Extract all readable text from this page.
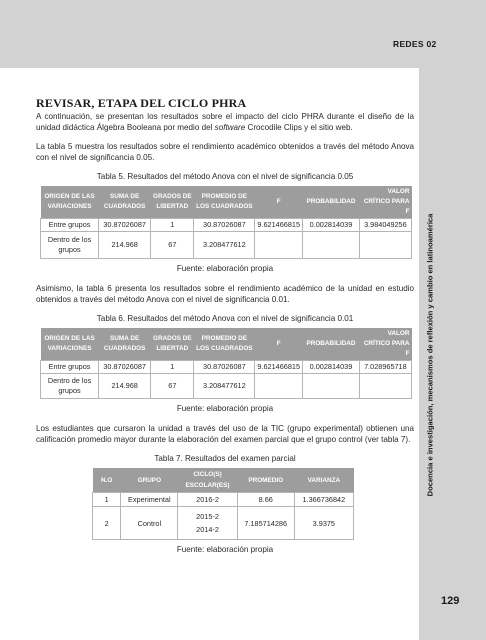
REDES 02
Docencia e investigación, mecanismos de reflexión y cambio en latinoamérica
REVISAR, ETAPA DEL CICLO PHRA

A continuación, se presentan los resultados sobre el impacto del ciclo PHRA durante el diseño de la unidad didáctica Álgebra Booleana por medio del software Crocodile Clips y el sitio web.

La tabla 5 muestra los resultados sobre el rendimiento académico obtenidos a través del método Anova con el nivel de significancia 0.05.

Tabla 5. Resultados del método Anova con el nivel de significancia 0.05
ORIGEN DE LAS VARIACIONES	SUMA DE CUADRADOS	GRADOS DE LIBERTAD	PROMEDIO DE LOS CUADRADOS	F	PROBABILIDAD	VALOR CRÍTICO PARA F
Entre grupos	30.87026087	1	30.87026087	9.621466815	0.002814039	3.984049256
Dentro de los grupos	214.968	67	3.208477612			
Fuente: elaboración propia

Asimismo, la tabla 6 presenta los resultados sobre el rendimiento académico de la unidad en estudio obtenidos a través del método Anova con el nivel de significancia 0.01.

Tabla 6. Resultados del método Anova con el nivel de significancia 0.01
ORIGEN DE LAS VARIACIONES	SUMA DE CUADRADOS	GRADOS DE LIBERTAD	PROMEDIO DE LOS CUADRADOS	F	PROBABILIDAD	VALOR CRÍTICO PARA F
Entre grupos	30.87026087	1	30.87026087	9.621466815	0.002814039	7.028965718
Dentro de los grupos	214.968	67	3.208477612			
Fuente: elaboración propia

Los estudiantes que cursaron la unidad a través del uso de la TIC (grupo experimental) obtienen una calificación promedio mayor durante la elaboración del examen parcial que el grupo control (ver tabla 7).

Tabla 7. Resultados del examen parcial
N.O	GRUPO	CICLO(S) ESCOLAR(ES)	PROMEDIO	VARIANZA
1	Experimental	2016-2	8.66	1.366736842
2	Control	2015-2 2014-2	7.185714286	3.9375
Fuente: elaboración propia
129
